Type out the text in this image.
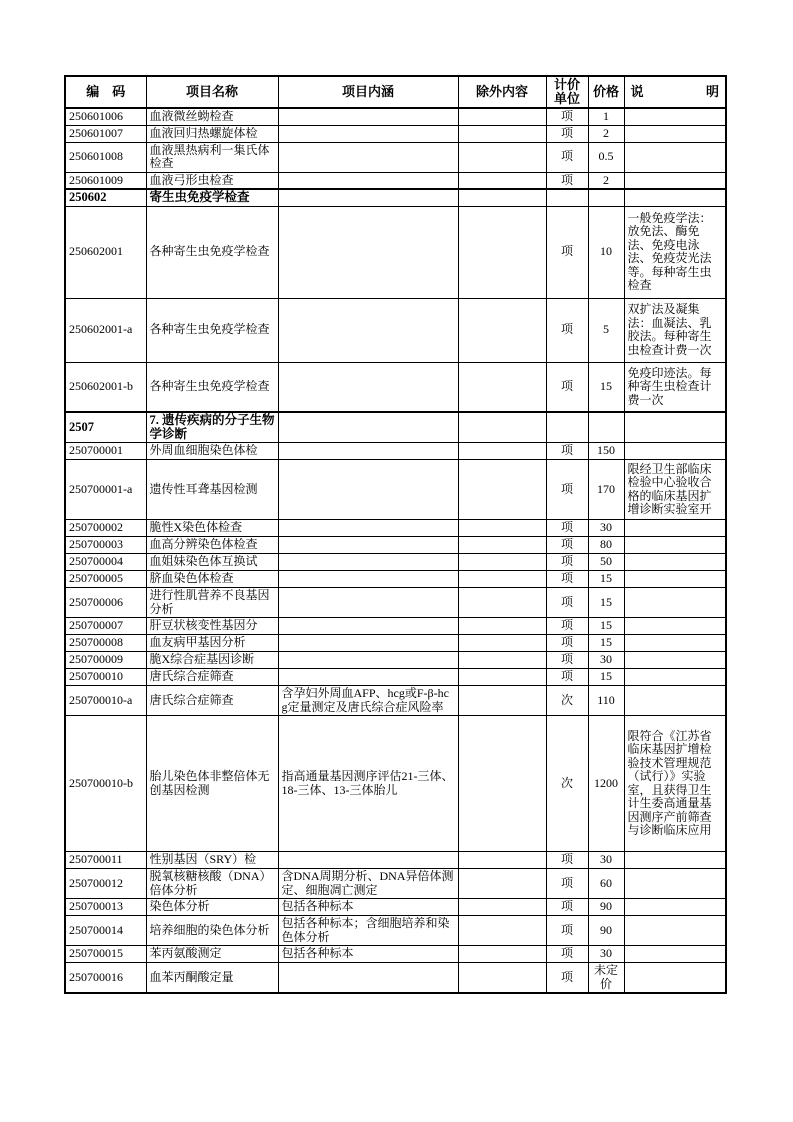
编　码	项目名称	项目内涵	除外内容	计价 单位	价格	说　明
250601006	血液微丝蚴检查			项	1	
250601007	血液回归热螺旋体检			项	2	
250601008	血液黑热病利一集氏体检查			项	0.5	
250601009	血液弓形虫检查			项	2	
250602	寄生虫免疫学检查					
250602001	各种寄生虫免疫学检查			项	10	一般免疫学法：放免法、酶免法、免疫电泳法、免疫荧光法等。每种寄生虫检查
250602001-a	各种寄生虫免疫学检查			项	5	双扩法及凝集法：血凝法、乳胶法。每种寄生虫检查计费一次
250602001-b	各种寄生虫免疫学检查			项	15	免疫印迹法。每种寄生虫检查计费一次
2507	7. 遗传疾病的分子生物学诊断					
250700001	外周血细胞染色体检			项	150	
250700001-a	遗传性耳聋基因检测			项	170	限经卫生部临床检验中心验收合格的临床基因扩增诊断实验室开
250700002	脆性X染色体检查			项	30	
250700003	血高分辨染色体检查			项	80	
250700004	血姐妹染色体互换试			项	50	
250700005	脐血染色体检查			项	15	
250700006	进行性肌营养不良基因分析			项	15	
250700007	肝豆状核变性基因分			项	15	
250700008	血友病甲基因分析			项	15	
250700009	脆X综合症基因诊断			项	30	
250700010	唐氏综合症筛查			项	15	
250700010-a	唐氏综合症筛查	含孕妇外周血AFP、hcg或F-β-hcg定量测定及唐氏综合症风险率		次	110	
250700010-b	胎儿染色体非整倍体无创基因检测	指高通量基因测序评估21-三体、18-三体、13-三体胎儿		次	1200	限符合《江苏省临床基因扩增检验技术管理规范（试行）》实验室，且获得卫生计生委高通量基因测序产前筛查与诊断临床应用
250700011	性别基因（SRY）检			项	30	
250700012	脱氧核糖核酸（DNA）倍体分析	含DNA周期分析、DNA异倍体测定、细胞凋亡测定		项	60	
250700013	染色体分析	包括各种标本		项	90	
250700014	培养细胞的染色体分析	包括各种标本；含细胞培养和染色体分析		项	90	
250700015	苯丙氨酸测定	包括各种标本		项	30	
250700016	血苯丙酮酸定量			项	未定价	
